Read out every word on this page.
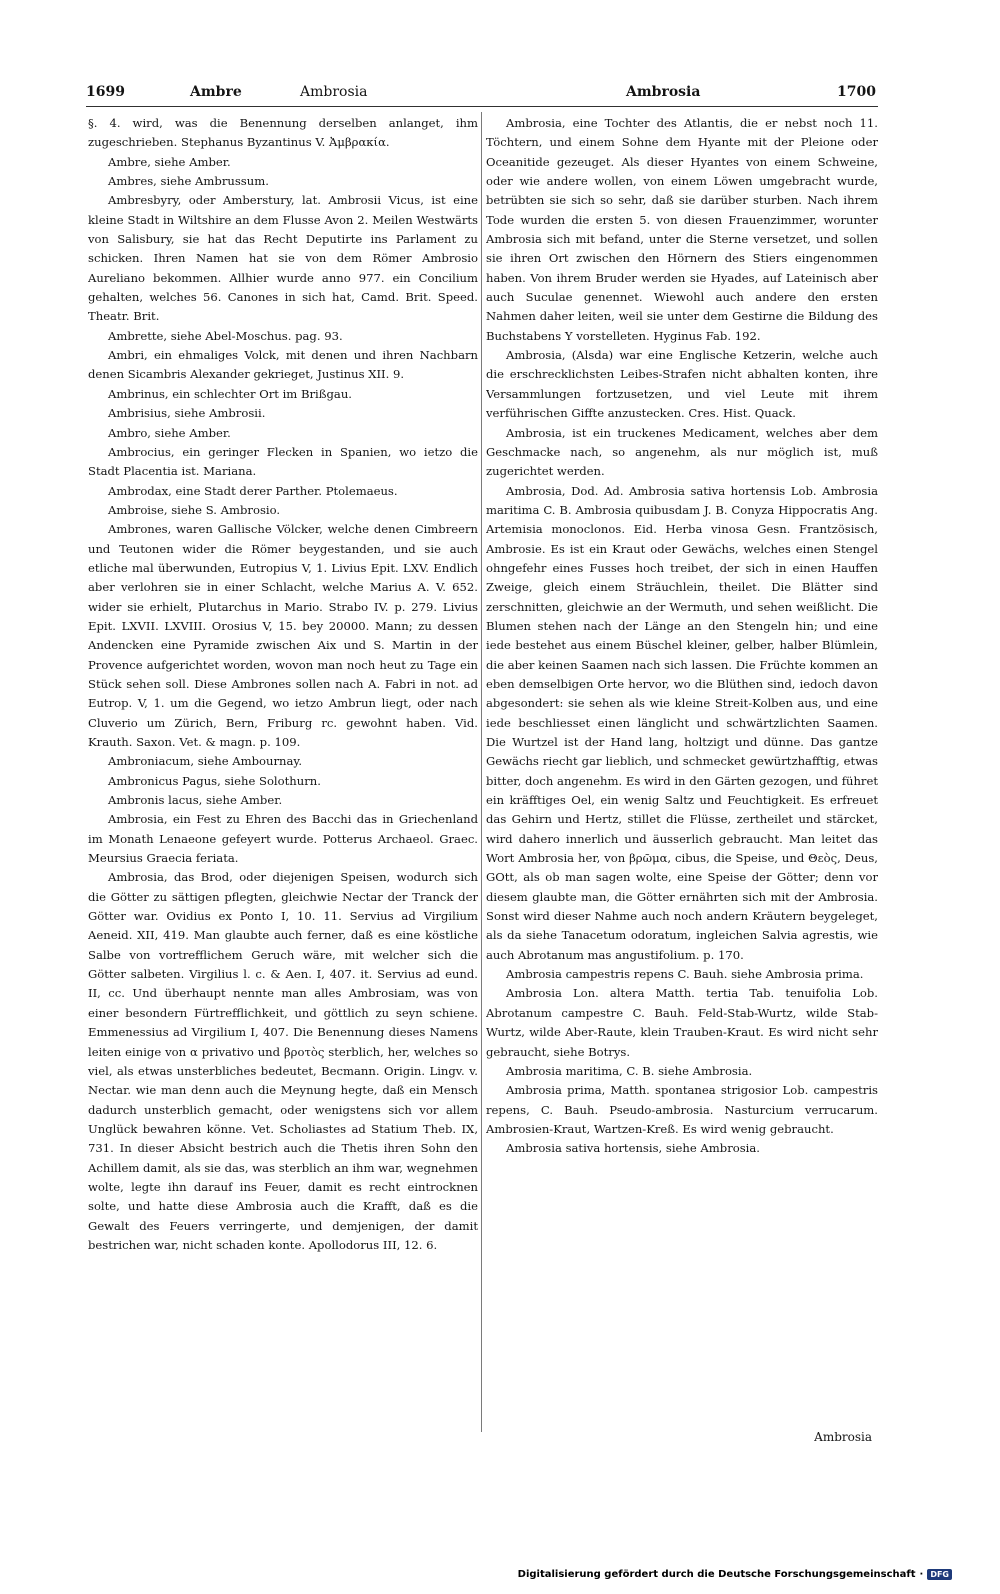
1699	Ambre	Ambrosia	Ambrosia	1700

§. 4. wird, was die Benennung derselben anlanget, ihm zugeschrieben. Stephanus Byzantinus V. Ἀμβρακία.

Ambre, siehe Amber.

Ambres, siehe Ambrussum.

Ambresbyry, oder Amberstury, lat. Ambrosii Vicus, ist eine kleine Stadt in Wiltshire an dem Flusse Avon 2. Meilen Westwärts von Salisbury, sie hat das Recht Deputirte ins Parlament zu schicken. Ihren Namen hat sie von dem Römer Ambrosio Aureliano bekommen. Allhier wurde anno 977. ein Concilium gehalten, welches 56. Canones in sich hat, Camd. Brit. Speed. Theatr. Brit.

Ambrette, siehe Abel-Moschus. pag. 93.

Ambri, ein ehmaliges Volck, mit denen und ihren Nachbarn denen Sicambris Alexander gekrieget, Justinus XII. 9.

Ambrinus, ein schlechter Ort im Brißgau.

Ambrisius, siehe Ambrosii.

Ambro, siehe Amber.

Ambrocius, ein geringer Flecken in Spanien, wo ietzo die Stadt Placentia ist. Mariana.

Ambrodax, eine Stadt derer Parther. Ptolemaeus.

Ambroise, siehe S. Ambrosio.

Ambrones, waren Gallische Völcker, welche denen Cimbreern und Teutonen wider die Römer beygestanden, und sie auch etliche mal überwunden, Eutropius V, 1. Livius Epit. LXV. Endlich aber verlohren sie in einer Schlacht, welche Marius A. V. 652. wider sie erhielt, Plutarchus in Mario. Strabo IV. p. 279. Livius Epit. LXVII. LXVIII. Orosius V, 15. bey 20000. Mann; zu dessen Andencken eine Pyramide zwischen Aix und S. Martin in der Provence aufgerichtet worden, wovon man noch heut zu Tage ein Stück sehen soll. Diese Ambrones sollen nach A. Fabri in not. ad Eutrop. V, 1. um die Gegend, wo ietzo Ambrun liegt, oder nach Cluverio um Zürich, Bern, Friburg rc. gewohnt haben. Vid. Krauth. Saxon. Vet. & magn. p. 109.

Ambroniacum, siehe Ambournay.

Ambronicus Pagus, siehe Solothurn.

Ambronis lacus, siehe Amber.

Ambrosia, ein Fest zu Ehren des Bacchi das in Griechenland im Monath Lenaeone gefeyert wurde. Potterus Archaeol. Graec. Meursius Graecia feriata.

Ambrosia, das Brod, oder diejenigen Speisen, wodurch sich die Götter zu sättigen pflegten, gleichwie Nectar der Tranck der Götter war. Ovidius ex Ponto I, 10. 11. Servius ad Virgilium Aeneid. XII, 419. Man glaubte auch ferner, daß es eine köstliche Salbe von vortrefflichem Geruch wäre, mit welcher sich die Götter salbeten. Virgilius l. c. & Aen. I, 407. it. Servius ad eund. II, cc. Und überhaupt nennte man alles Ambrosiam, was von einer besondern Fürtrefflichkeit, und göttlich zu seyn schiene. Emmenessius ad Virgilium I, 407. Die Benennung dieses Namens leiten einige von α privativo und βροτὸς sterblich, her, welches so viel, als etwas unsterbliches bedeutet, Becmann. Origin. Lingv. v. Nectar. wie man denn auch die Meynung hegte, daß ein Mensch dadurch unsterblich gemacht, oder wenigstens sich vor allem Unglück bewahren könne. Vet. Scholiastes ad Statium Theb. IX, 731. In dieser Absicht bestrich auch die Thetis ihren Sohn den Achillem damit, als sie das, was sterblich an ihm war, wegnehmen wolte, legte ihn darauf ins Feuer, damit es recht eintrocknen solte, und hatte diese Ambrosia auch die Krafft, daß es die Gewalt des Feuers verringerte, und demjenigen, der damit bestrichen war, nicht schaden konte. Apollodorus III, 12. 6.

Ambrosia, eine Tochter des Atlantis, die er nebst noch 11. Töchtern, und einem Sohne dem Hyante mit der Pleione oder Oceanitide gezeuget. Als dieser Hyantes von einem Schweine, oder wie andere wollen, von einem Löwen umgebracht wurde, betrübten sie sich so sehr, daß sie darüber sturben. Nach ihrem Tode wurden die ersten 5. von diesen Frauenzimmer, worunter Ambrosia sich mit befand, unter die Sterne versetzet, und sollen sie ihren Ort zwischen den Hörnern des Stiers eingenommen haben. Von ihrem Bruder werden sie Hyades, auf Lateinisch aber auch Suculae genennet. Wiewohl auch andere den ersten Nahmen daher leiten, weil sie unter dem Gestirne die Bildung des Buchstabens Y vorstelleten. Hyginus Fab. 192.

Ambrosia, (Alsda) war eine Englische Ketzerin, welche auch die erschrecklichsten Leibes-Strafen nicht abhalten konten, ihre Versammlungen fortzusetzen, und viel Leute mit ihrem verführischen Giffte anzustecken. Cres. Hist. Quack.

Ambrosia, ist ein truckenes Medicament, welches aber dem Geschmacke nach, so angenehm, als nur möglich ist, muß zugerichtet werden.

Ambrosia, Dod. Ad. Ambrosia sativa hortensis Lob. Ambrosia maritima C. B. Ambrosia quibusdam J. B. Conyza Hippocratis Ang. Artemisia monoclonos. Eid. Herba vinosa Gesn. Frantzösisch, Ambrosie. Es ist ein Kraut oder Gewächs, welches einen Stengel ohngefehr eines Fusses hoch treibet, der sich in einen Hauffen Zweige, gleich einem Sträuchlein, theilet. Die Blätter sind zerschnitten, gleichwie an der Wermuth, und sehen weißlicht. Die Blumen stehen nach der Länge an den Stengeln hin; und eine iede bestehet aus einem Büschel kleiner, gelber, halber Blümlein, die aber keinen Saamen nach sich lassen. Die Früchte kommen an eben demselbigen Orte hervor, wo die Blüthen sind, iedoch davon abgesondert: sie sehen als wie kleine Streit-Kolben aus, und eine iede beschliesset einen länglicht und schwärtzlichten Saamen. Die Wurtzel ist der Hand lang, holtzigt und dünne. Das gantze Gewächs riecht gar lieblich, und schmecket gewürtzhafftig, etwas bitter, doch angenehm. Es wird in den Gärten gezogen, und führet ein kräfftiges Oel, ein wenig Saltz und Feuchtigkeit. Es erfreuet das Gehirn und Hertz, stillet die Flüsse, zertheilet und stärcket, wird dahero innerlich und äusserlich gebraucht. Man leitet das Wort Ambrosia her, von βρῶμα, cibus, die Speise, und Θεὸς, Deus, GOtt, als ob man sagen wolte, eine Speise der Götter; denn vor diesem glaubte man, die Götter ernährten sich mit der Ambrosia. Sonst wird dieser Nahme auch noch andern Kräutern beygeleget, als da siehe Tanacetum odoratum, ingleichen Salvia agrestis, wie auch Abrotanum mas angustifolium. p. 170.

Ambrosia campestris repens C. Bauh. siehe Ambrosia prima.

Ambrosia Lon. altera Matth. tertia Tab. tenuifolia Lob. Abrotanum campestre C. Bauh. Feld-Stab-Wurtz, wilde Stab-Wurtz, wilde Aber-Raute, klein Trauben-Kraut. Es wird nicht sehr gebraucht, siehe Botrys.

Ambrosia maritima, C. B. siehe Ambrosia.

Ambrosia prima, Matth. spontanea strigosior Lob. campestris repens, C. Bauh. Pseudo-ambrosia. Nasturcium verrucarum. Ambrosien-Kraut, Wartzen-Kreß. Es wird wenig gebraucht.

Ambrosia sativa hortensis, siehe Ambrosia.

Ambrosia
Digitalisierung gefördert durch die Deutsche Forschungsgemeinschaft · DFG
